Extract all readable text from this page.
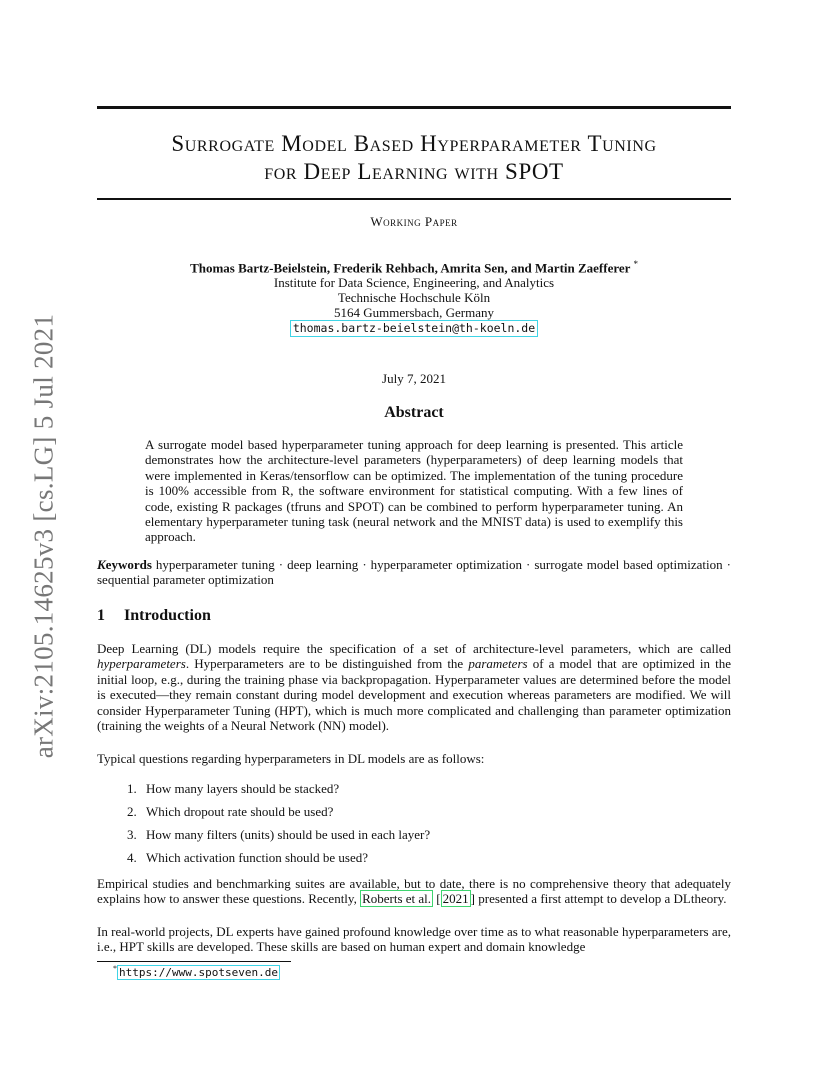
arXiv:2105.14625v3 [cs.LG] 5 Jul 2021
Surrogate Model Based Hyperparameter Tuning
for Deep Learning with SPOT
Working Paper
Thomas Bartz-Beielstein, Frederik Rehbach, Amrita Sen, and Martin Zaefferer *
Institute for Data Science, Engineering, and Analytics
Technische Hochschule Köln
5164 Gummersbach, Germany
thomas.bartz-beielstein@th-koeln.de
July 7, 2021
Abstract
A surrogate model based hyperparameter tuning approach for deep learning is presented. This article demonstrates how the architecture-level parameters (hyperparameters) of deep learning models that were implemented in Keras/tensorflow can be optimized. The implementation of the tuning procedure is 100% accessible from R, the software environment for statistical computing. With a few lines of code, existing R packages (tfruns and SPOT) can be combined to perform hyperparameter tuning. An elementary hyperparameter tuning task (neural network and the MNIST data) is used to exemplify this approach.
Keywords hyperparameter tuning · deep learning · hyperparameter optimization · surrogate model based optimization · sequential parameter optimization
1 Introduction
Deep Learning (DL) models require the specification of a set of architecture-level parameters, which are called hyperparameters. Hyperparameters are to be distinguished from the parameters of a model that are optimized in the initial loop, e.g., during the training phase via backpropagation. Hyperparameter values are determined before the model is executed—they remain constant during model development and execution whereas parameters are modified. We will consider Hyperparameter Tuning (HPT), which is much more complicated and challenging than parameter optimization (training the weights of a Neural Network (NN) model).
Typical questions regarding hyperparameters in DL models are as follows:
1. How many layers should be stacked?
2. Which dropout rate should be used?
3. How many filters (units) should be used in each layer?
4. Which activation function should be used?
Empirical studies and benchmarking suites are available, but to date, there is no comprehensive theory that adequately explains how to answer these questions. Recently, Roberts et al. [ 2021 ] presented a first attempt to develop a DLtheory.
In real-world projects, DL experts have gained profound knowledge over time as to what reasonable hyperparameters are, i.e., HPT skills are developed. These skills are based on human expert and domain knowledge
* https://www.spotseven.de
